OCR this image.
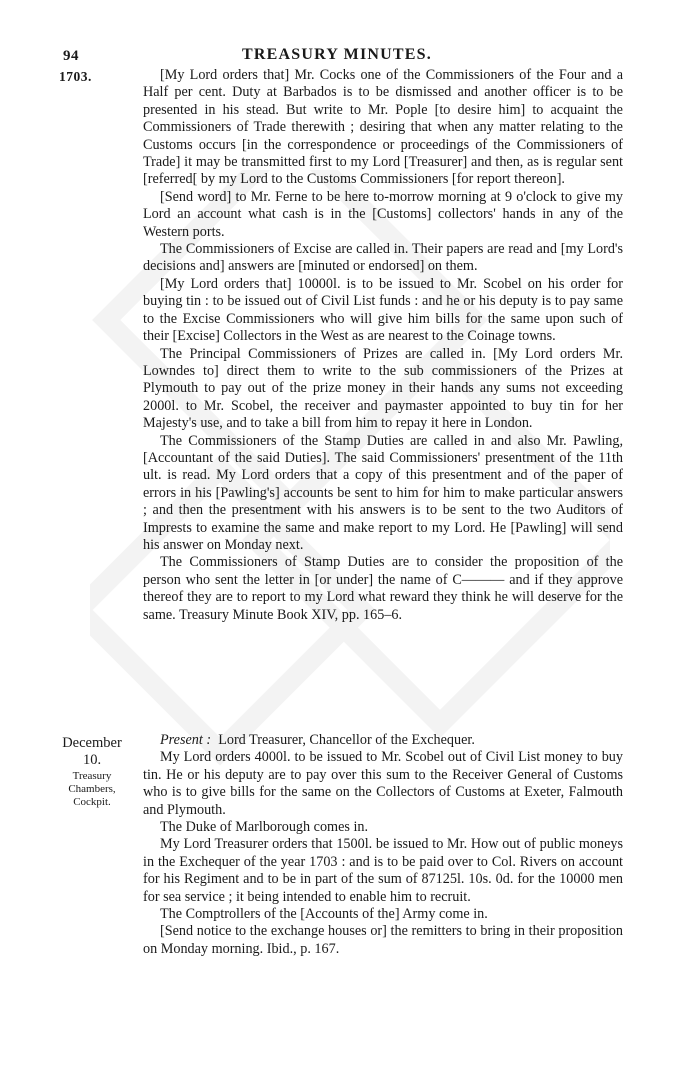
94	TREASURY MINUTES.
1703.	[My Lord orders that] Mr. Cocks one of the Commissioners of the Four and a Half per cent. Duty at Barbados is to be dismissed and another officer is to be presented in his stead. But write to Mr. Pople [to desire him] to acquaint the Commissioners of Trade therewith ; desiring that when any matter relating to the Customs occurs [in the correspondence or proceedings of the Commissioners of Trade] it may be transmitted first to my Lord [Treasurer] and then, as is regular sent [referred[ by my Lord to the Customs Commissioners [for report thereon].

[Send word] to Mr. Ferne to be here to-morrow morning at 9 o'clock to give my Lord an account what cash is in the [Customs] collectors' hands in any of the Western ports.

The Commissioners of Excise are called in. Their papers are read and [my Lord's decisions and] answers are [minuted or endorsed] on them.

[My Lord orders that] 10000l. is to be issued to Mr. Scobel on his order for buying tin : to be issued out of Civil List funds : and he or his deputy is to pay same to the Excise Commissioners who will give him bills for the same upon such of their [Excise] Collectors in the West as are nearest to the Coinage towns.

The Principal Commissioners of Prizes are called in. [My Lord orders Mr. Lowndes to] direct them to write to the sub commissioners of the Prizes at Plymouth to pay out of the prize money in their hands any sums not exceeding 2000l. to Mr. Scobel, the receiver and paymaster appointed to buy tin for her Majesty's use, and to take a bill from him to repay it here in London.

The Commissioners of the Stamp Duties are called in and also Mr. Pawling, [Accountant of the said Duties]. The said Commissioners' presentment of the 11th ult. is read. My Lord orders that a copy of this presentment and of the paper of errors in his [Pawling's] accounts be sent to him for him to make particular answers ; and then the presentment with his answers is to be sent to the two Auditors of Imprests to examine the same and make report to my Lord. He [Pawling] will send his answer on Monday next.

The Commissioners of Stamp Duties are to consider the proposition of the person who sent the letter in [or under] the name of C——— and if they approve thereof they are to report to my Lord what reward they think he will deserve for the same. Treasury Minute Book XIV, pp. 165–6.

December
10.
Treasury
Chambers,
Cockpit.

Present : Lord Treasurer, Chancellor of the Exchequer.

My Lord orders 4000l. to be issued to Mr. Scobel out of Civil List money to buy tin. He or his deputy are to pay over this sum to the Receiver General of Customs who is to give bills for the same on the Collectors of Customs at Exeter, Falmouth and Plymouth.

The Duke of Marlborough comes in.

My Lord Treasurer orders that 1500l. be issued to Mr. How out of public moneys in the Exchequer of the year 1703 : and is to be paid over to Col. Rivers on account for his Regiment and to be in part of the sum of 87125l. 10s. 0d. for the 10000 men for sea service ; it being intended to enable him to recruit.

The Comptrollers of the [Accounts of the] Army come in.

[Send notice to the exchange houses or] the remitters to bring in their proposition on Monday morning. Ibid., p. 167.
